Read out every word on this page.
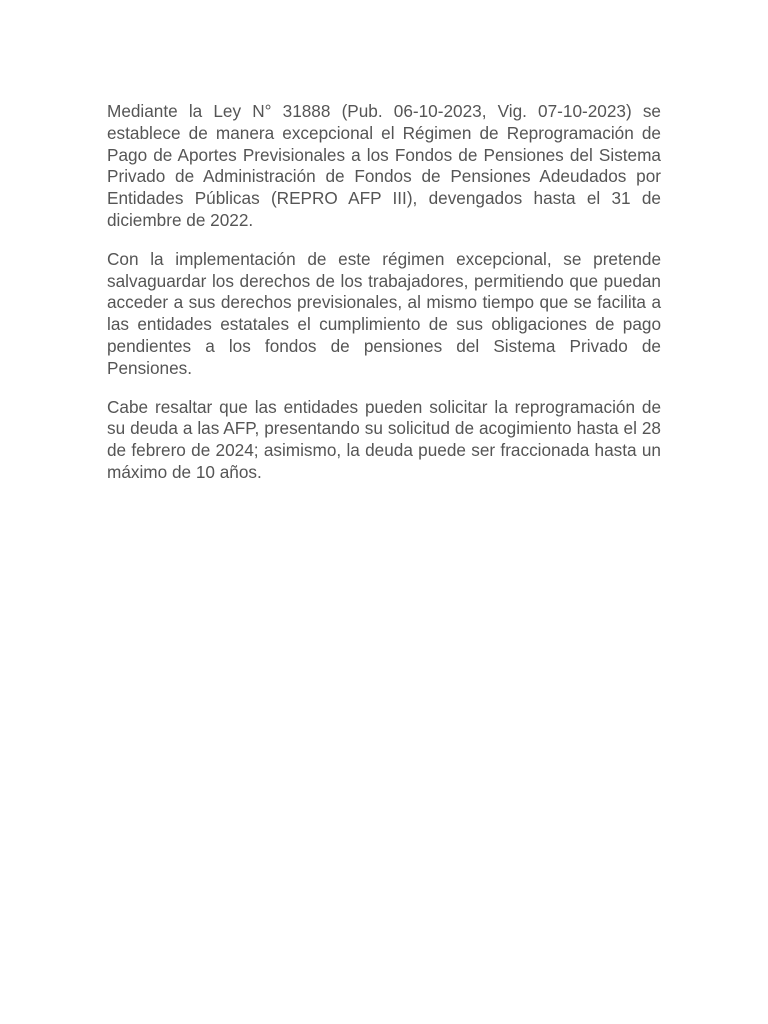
Mediante la Ley N° 31888 (Pub. 06-10-2023, Vig. 07-10-2023) se establece de manera excepcional el Régimen de Reprogramación de Pago de Aportes Previsionales a los Fondos de Pensiones del Sistema Privado de Administración de Fondos de Pensiones Adeudados por Entidades Públicas (REPRO AFP III), devengados hasta el 31 de diciembre de 2022.

Con la implementación de este régimen excepcional, se pretende salvaguardar los derechos de los trabajadores, permitiendo que puedan acceder a sus derechos previsionales, al mismo tiempo que se facilita a las entidades estatales el cumplimiento de sus obligaciones de pago pendientes a los fondos de pensiones del Sistema Privado de Pensiones.

Cabe resaltar que las entidades pueden solicitar la reprogramación de su deuda a las AFP, presentando su solicitud de acogimiento hasta el 28 de febrero de 2024; asimismo, la deuda puede ser fraccionada hasta un máximo de 10 años.
